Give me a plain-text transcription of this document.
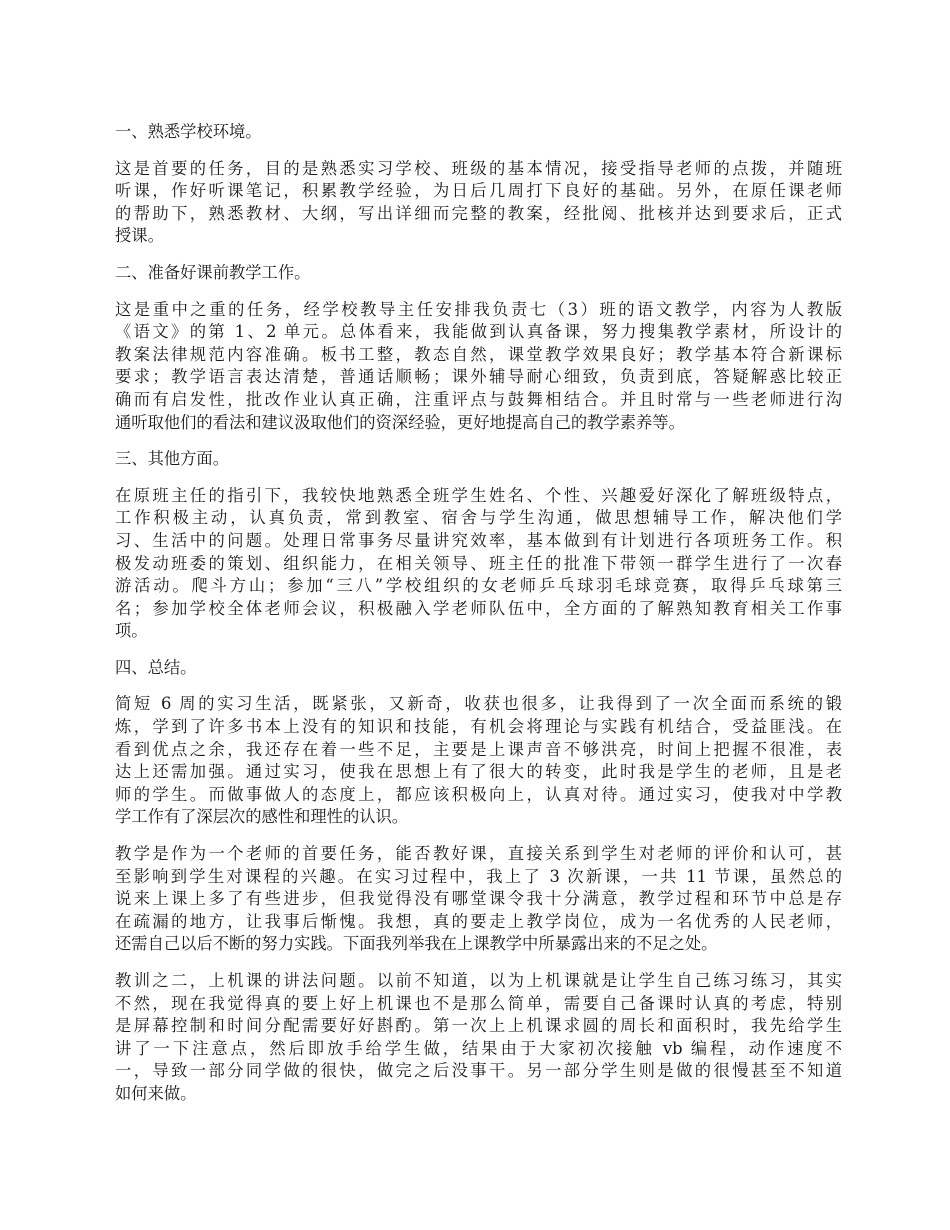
一、熟悉学校环境。
这是首要的任务，目的是熟悉实习学校、班级的基本情况，接受指导老师的点拨，并随班
听课，作好听课笔记，积累教学经验，为日后几周打下良好的基础。另外，在原任课老师
的帮助下，熟悉教材、大纲，写出详细而完整的教案，经批阅、批核并达到要求后，正式
授课。
二、准备好课前教学工作。
这是重中之重的任务，经学校教导主任安排我负责七（3）班的语文教学，内容为人教版
《语文》的第 1、2 单元。总体看来，我能做到认真备课，努力搜集教学素材，所设计的
教案法律规范内容准确。板书工整，教态自然，课堂教学效果良好；教学基本符合新课标
要求；教学语言表达清楚，普通话顺畅；课外辅导耐心细致，负责到底，答疑解惑比较正
确而有启发性，批改作业认真正确，注重评点与鼓舞相结合。并且时常与一些老师进行沟
通听取他们的看法和建议汲取他们的资深经验，更好地提高自己的教学素养等。
三、其他方面。
在原班主任的指引下，我较快地熟悉全班学生姓名、个性、兴趣爱好深化了解班级特点，
工作积极主动，认真负责，常到教室、宿舍与学生沟通，做思想辅导工作，解决他们学
习、生活中的问题。处理日常事务尽量讲究效率，基本做到有计划进行各项班务工作。积
极发动班委的策划、组织能力，在相关领导、班主任的批准下带领一群学生进行了一次春
游活动。爬斗方山；参加“三八”学校组织的女老师乒乓球羽毛球竞赛，取得乒乓球第三
名；参加学校全体老师会议，积极融入学老师队伍中，全方面的了解熟知教育相关工作事
项。
四、总结。
简短 6 周的实习生活，既紧张，又新奇，收获也很多，让我得到了一次全面而系统的锻
炼，学到了许多书本上没有的知识和技能，有机会将理论与实践有机结合，受益匪浅。在
看到优点之余，我还存在着一些不足，主要是上课声音不够洪亮，时间上把握不很准，表
达上还需加强。通过实习，使我在思想上有了很大的转变，此时我是学生的老师，且是老
师的学生。而做事做人的态度上，都应该积极向上，认真对待。通过实习，使我对中学教
学工作有了深层次的感性和理性的认识。
教学是作为一个老师的首要任务，能否教好课，直接关系到学生对老师的评价和认可，甚
至影响到学生对课程的兴趣。在实习过程中，我上了 3 次新课，一共 11 节课，虽然总的
说来上课上多了有些进步，但我觉得没有哪堂课令我十分满意，教学过程和环节中总是存
在疏漏的地方，让我事后惭愧。我想，真的要走上教学岗位，成为一名优秀的人民老师，
还需自己以后不断的努力实践。下面我列举我在上课教学中所暴露出来的不足之处。
教训之二，上机课的讲法问题。以前不知道，以为上机课就是让学生自己练习练习，其实
不然，现在我觉得真的要上好上机课也不是那么简单，需要自己备课时认真的考虑，特别
是屏幕控制和时间分配需要好好斟酌。第一次上上机课求圆的周长和面积时，我先给学生
讲了一下注意点，然后即放手给学生做，结果由于大家初次接触 vb 编程，动作速度不
一，导致一部分同学做的很快，做完之后没事干。另一部分学生则是做的很慢甚至不知道
如何来做。
